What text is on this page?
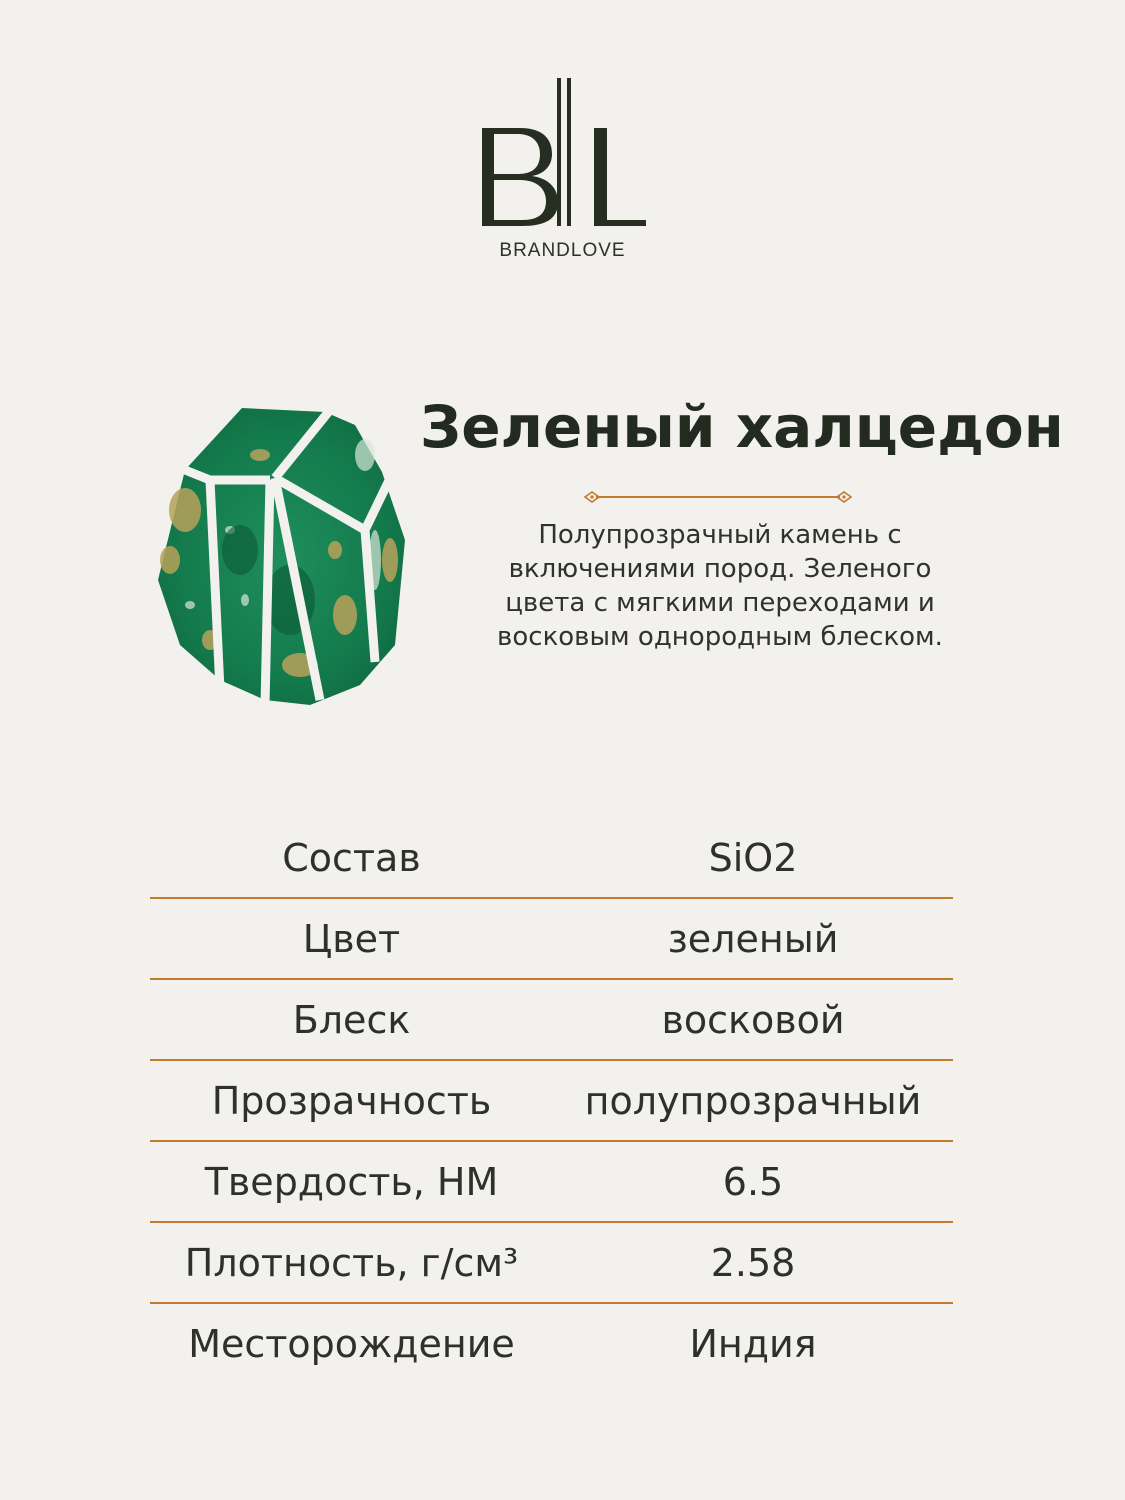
BRANDLOVE
Зеленый халцедон
Полупрозрачный камень с включениями пород. Зеленого цвета с мягкими переходами и восковым однородным блеском.
Состав	SiO2
Цвет	зеленый
Блеск	восковой
Прозрачность	полупрозрачный
Твердость, НМ	6.5
Плотность, г/см³	2.58
Месторождение	Индия
